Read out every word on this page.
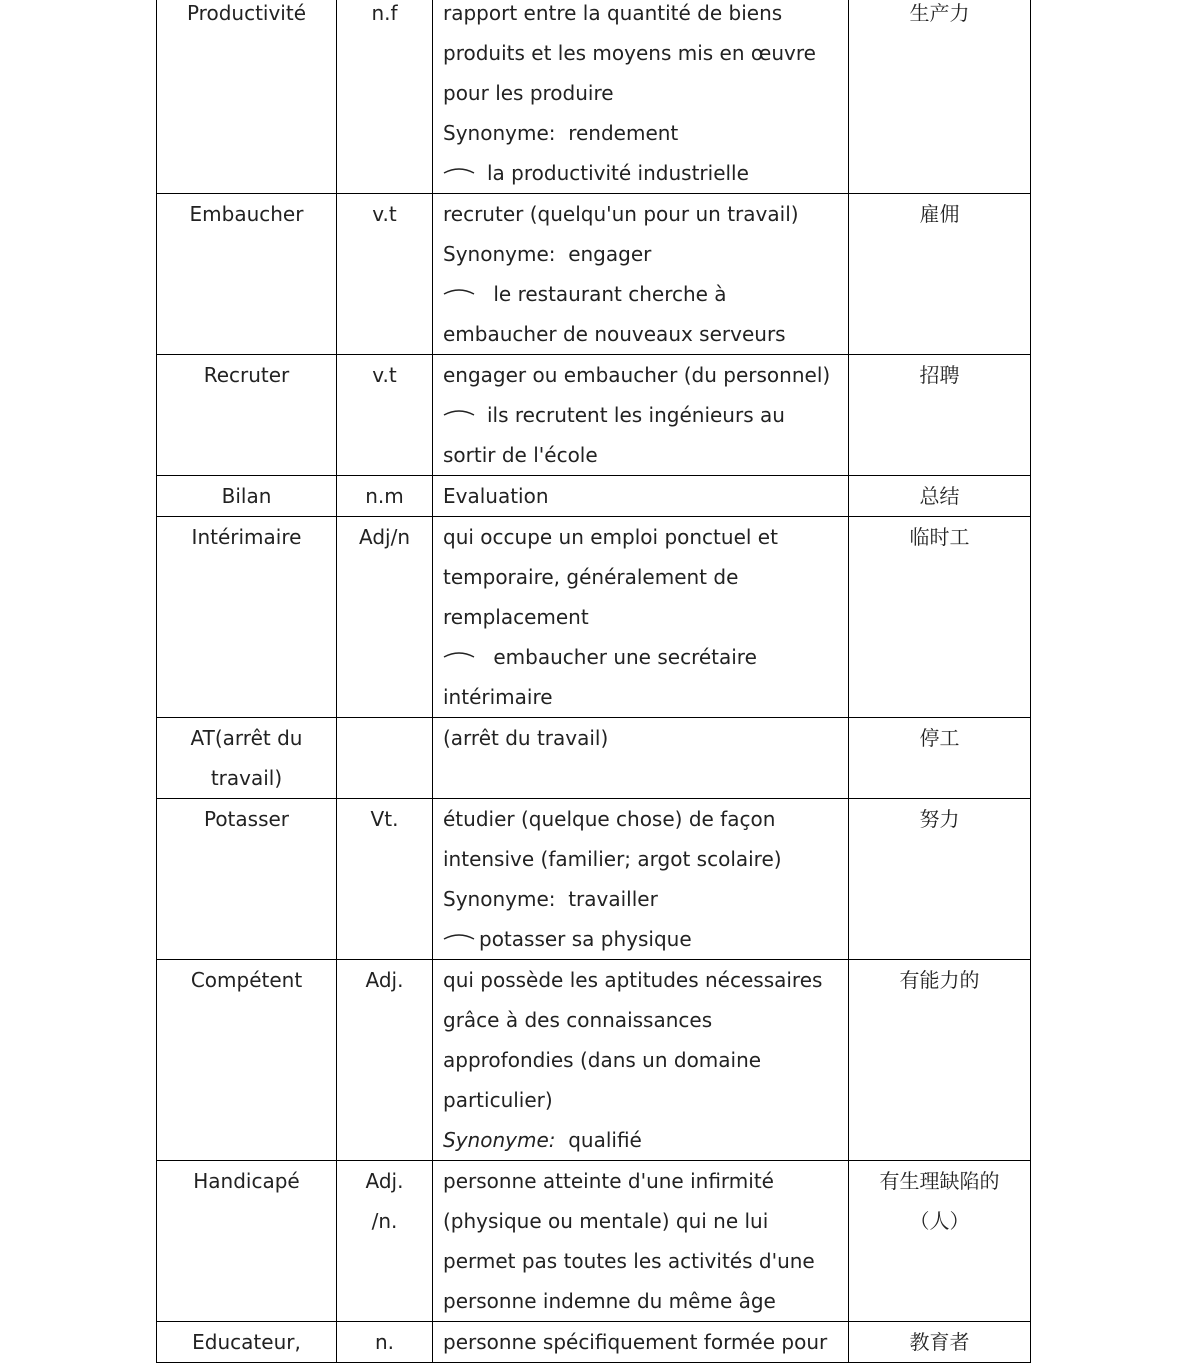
Productivité	n.f	rapport entre la quantité de biens
produits et les moyens mis en œuvre
pour les produire
Synonyme:  rendement
la productivité industrielle	生产力

Embaucher	v.t	recruter (quelqu'un pour un travail)
Synonyme:  engager
le restaurant cherche à
embaucher de nouveaux serveurs	雇佣

Recruter	v.t	engager ou embaucher (du personnel)
ils recrutent les ingénieurs au
sortir de l'école	招聘

Bilan	n.m	Evaluation	总结

Intérimaire	Adj/n	qui occupe un emploi ponctuel et
temporaire, généralement de
remplacement
embaucher une secrétaire
intérimaire	临时工

AT(arrêt du
travail)		(arrêt du travail)	停工

Potasser	Vt.	étudier (quelque chose) de façon
intensive (familier; argot scolaire)
Synonyme:  travailler
potasser sa physique	努力

Compétent	Adj.	qui possède les aptitudes nécessaires
grâce à des connaissances
approfondies (dans un domaine
particulier)
Synonyme:  qualifié	有能力的

Handicapé	Adj.
/n.	personne atteinte d'une infirmité
(physique ou mentale) qui ne lui
permet pas toutes les activités d'une
personne indemne du même âge	有生理缺陷的
（人）

Educateur,	n.	personne spécifiquement formée pour	教育者
